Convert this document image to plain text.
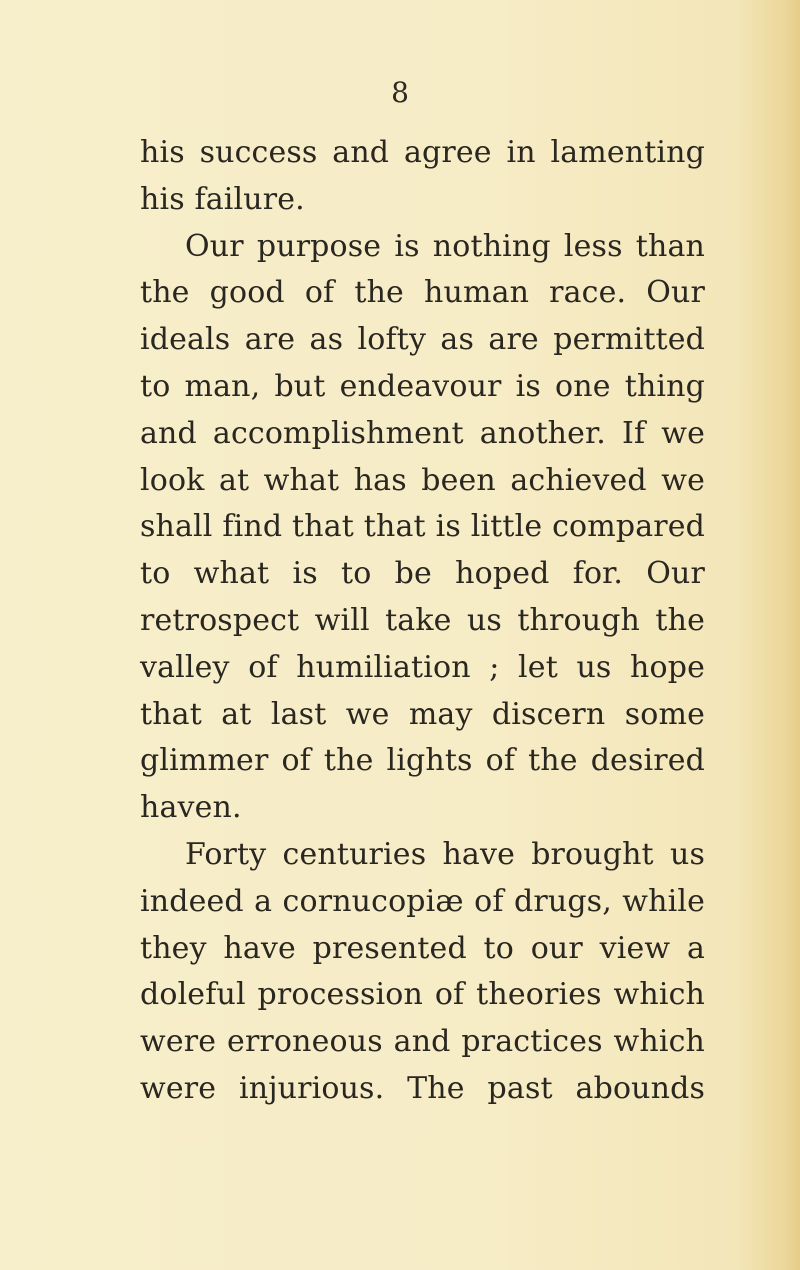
8
his success and agree in lamenting
his failure.
Our purpose is nothing less than
the good of the human race. Our
ideals are as lofty as are permitted
to man, but endeavour is one thing
and accomplishment another. If we
look at what has been achieved we
shall find that that is little compared
to what is to be hoped for. Our
retrospect will take us through the
valley of humiliation ; let us hope
that at last we may discern some
glimmer of the lights of the desired
haven.
Forty centuries have brought us
indeed a cornucopiæ of drugs, while
they have presented to our view a
doleful procession of theories which
were erroneous and practices which
were injurious. The past abounds
